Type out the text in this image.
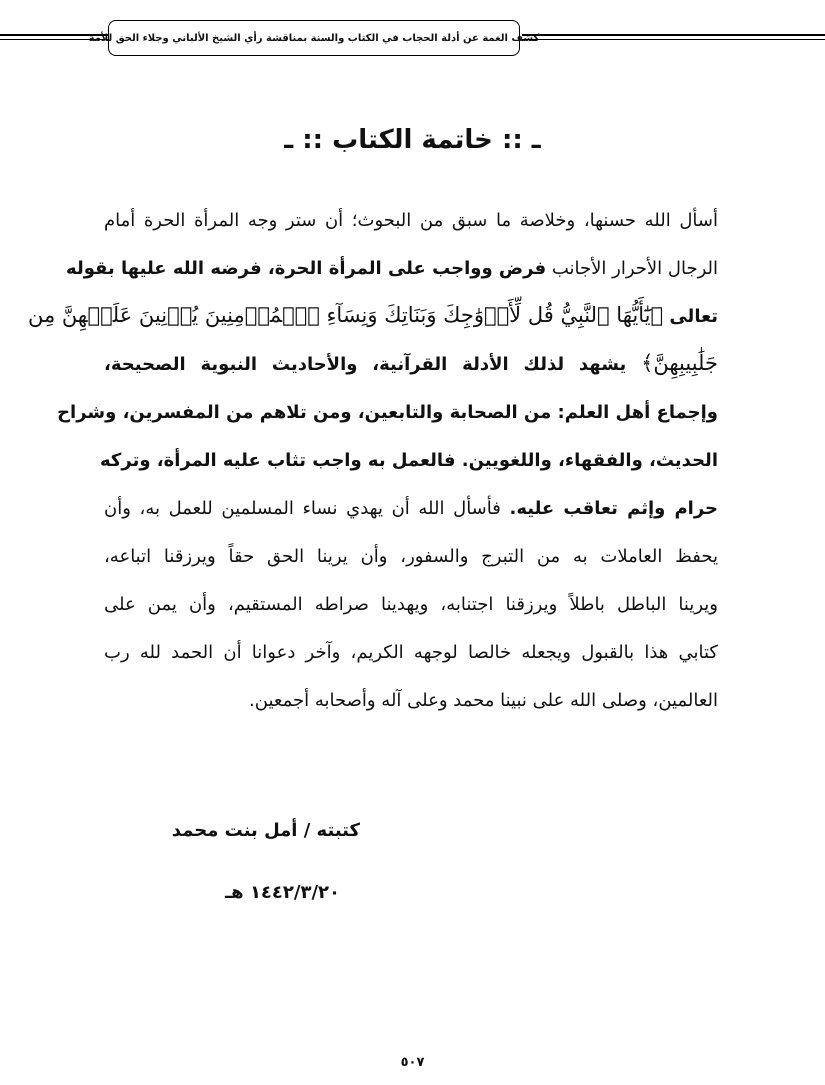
كشف الغمة عن أدلة الحجاب في الكتاب والسنة بمناقشة رأي الشيخ الألباني وجلاء الحق للأمة
ـ :: خاتمة الكتاب :: ـ
أسأل الله حسنها، وخلاصة ما سبق من البحوث؛ أن ستر وجه المرأة الحرة أمام
الرجال الأحرار الأجانب فرض وواجب على المرأة الحرة، فرضه الله عليها بقوله
تعالى ﴿يَٰٓأَيُّهَا ٱلنَّبِيُّ قُل لِّأَزۡوَٰجِكَ وَبَنَاتِكَ وَنِسَآءِ ٱلۡمُؤۡمِنِينَ يُدۡنِينَ عَلَيۡهِنَّ مِن
جَلَٰبِيبِهِنَّ﴾ يشهد لذلك الأدلة القرآنية، والأحاديث النبوية الصحيحة،
وإجماع أهل العلم: من الصحابة والتابعين، ومن تلاهم من المفسرين، وشراح
الحديث، والفقهاء، واللغويين. فالعمل به واجب تثاب عليه المرأة، وتركه
حرام وإثم تعاقب عليه. فأسأل الله أن يهدي نساء المسلمين للعمل به، وأن
يحفظ العاملات به من التبرج والسفور، وأن يرينا الحق حقاً ويرزقنا اتباعه،
ويرينا الباطل باطلاً ويرزقنا اجتنابه، ويهدينا صراطه المستقيم، وأن يمن على
كتابي هذا بالقبول ويجعله خالصا لوجهه الكريم، وآخر دعوانا أن الحمد لله رب
العالمين، وصلى الله على نبينا محمد وعلى آله وأصحابه أجمعين.
كتبته / أمل بنت محمد
١٤٤٢/٣/٢٠ هـ
٥٠٧
